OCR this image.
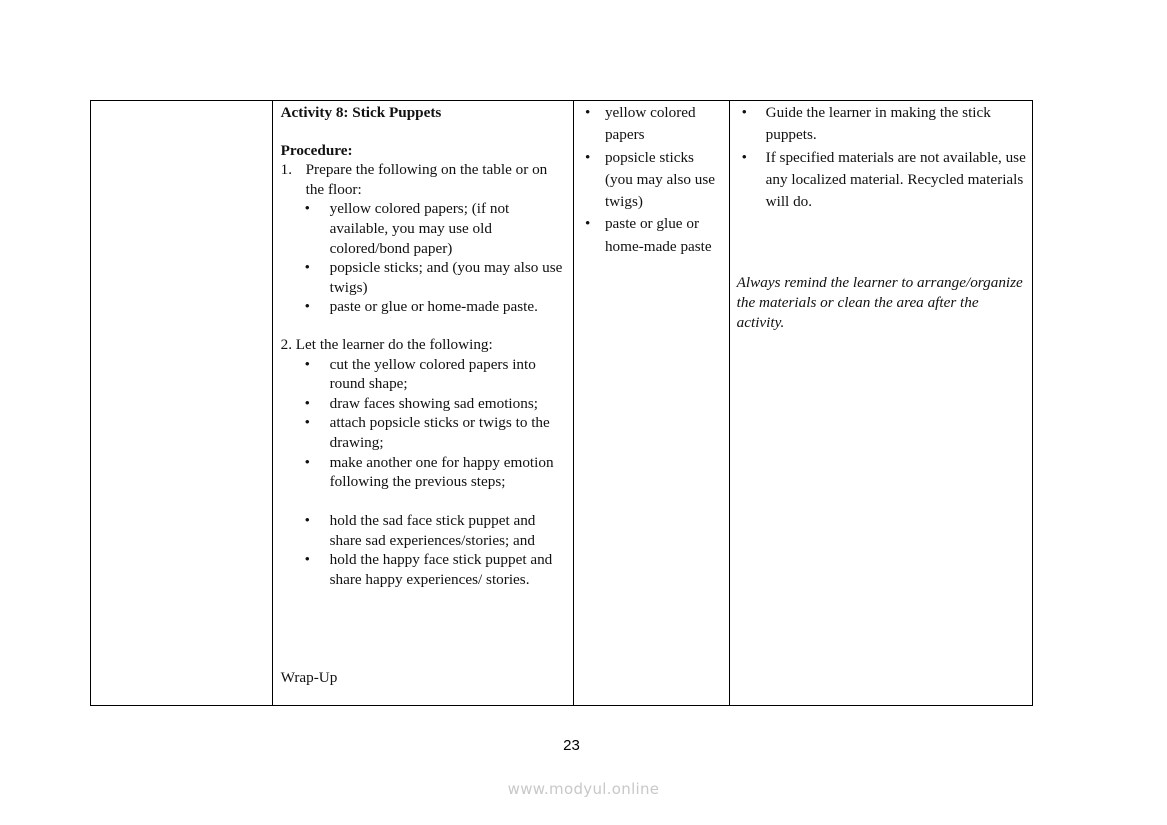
Activity 8: Stick Puppets
Procedure:
1. Prepare the following on the table or on the floor:
• yellow colored papers; (if not available, you may use old colored/bond paper)
• popsicle sticks; and (you may also use twigs)
• paste or glue or home-made paste.
2. Let the learner do the following:
• cut the yellow colored papers into round shape;
• draw faces showing sad emotions;
• attach popsicle sticks or twigs to the drawing;
• make another one for happy emotion following the previous steps;
• hold the sad face stick puppet and share sad experiences/stories; and
• hold the happy face stick puppet and share happy experiences/ stories.
Wrap-Up
• yellow colored papers
• popsicle sticks (you may also use twigs)
• paste or glue or home-made paste
• Guide the learner in making the stick puppets.
• If specified materials are not available, use any localized material. Recycled materials will do.
Always remind the learner to arrange/organize the materials or clean the area after the activity.
23
www.modyul.online
